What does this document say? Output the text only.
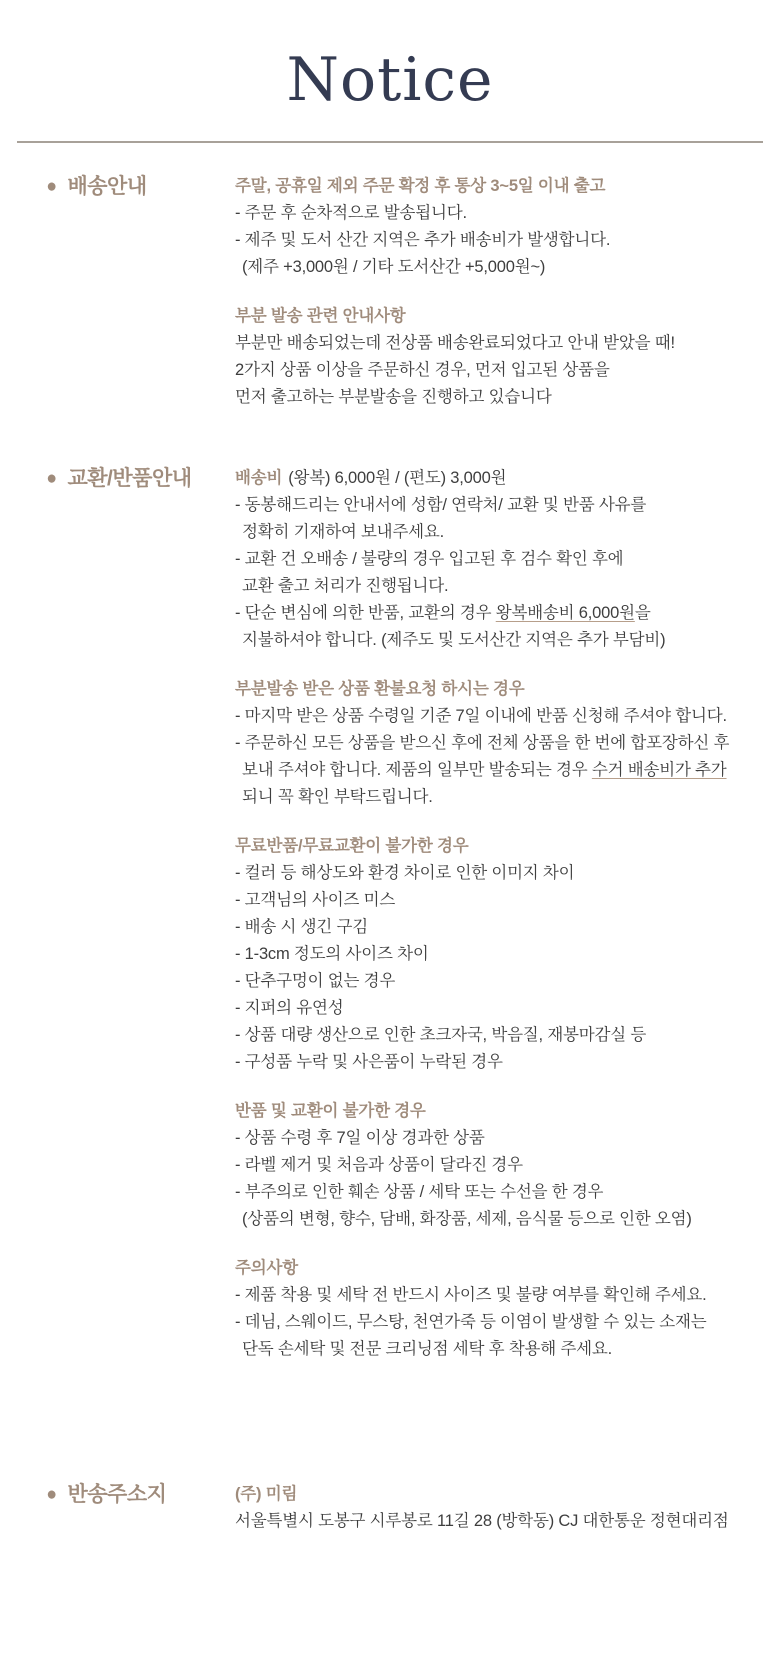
Notice
● 배송안내	주말, 공휴일 제외 주문 확정 후 통상 3~5일 이내 출고
- 주문 후 순차적으로 발송됩니다.
- 제주 및 도서 산간 지역은 추가 배송비가 발생합니다.
(제주 +3,000원 / 기타 도서산간 +5,000원~)
부분 발송 관련 안내사항
부분만 배송되었는데 전상품 배송완료되었다고 안내 받았을 때!
2가지 상품 이상을 주문하신 경우, 먼저 입고된 상품을
먼저 출고하는 부분발송을 진행하고 있습니다
● 교환/반품안내	배송비 (왕복) 6,000원 / (편도) 3,000원
- 동봉해드리는 안내서에 성함/ 연락처/ 교환 및 반품 사유를
정확히 기재하여 보내주세요.
- 교환 건 오배송 / 불량의 경우 입고된 후 검수 확인 후에
교환 출고 처리가 진행됩니다.
- 단순 변심에 의한 반품, 교환의 경우 왕복배송비 6,000원을
지불하셔야 합니다. (제주도 및 도서산간 지역은 추가 부담비)
부분발송 받은 상품 환불요청 하시는 경우
- 마지막 받은 상품 수령일 기준 7일 이내에 반품 신청해 주셔야 합니다.
- 주문하신 모든 상품을 받으신 후에 전체 상품을 한 번에 합포장하신 후
보내 주셔야 합니다. 제품의 일부만 발송되는 경우 수거 배송비가 추가
되니 꼭 확인 부탁드립니다.
무료반품/무료교환이 불가한 경우
- 컬러 등 해상도와 환경 차이로 인한 이미지 차이
- 고객님의 사이즈 미스
- 배송 시 생긴 구김
- 1-3cm 정도의 사이즈 차이
- 단추구멍이 없는 경우
- 지퍼의 유연성
- 상품 대량 생산으로 인한 초크자국, 박음질, 재봉마감실 등
- 구성품 누락 및 사은품이 누락된 경우
반품 및 교환이 불가한 경우
- 상품 수령 후 7일 이상 경과한 상품
- 라벨 제거 및 처음과 상품이 달라진 경우
- 부주의로 인한 훼손 상품 / 세탁 또는 수선을 한 경우
(상품의 변형, 향수, 담배, 화장품, 세제, 음식물 등으로 인한 오염)
주의사항
- 제품 착용 및 세탁 전 반드시 사이즈 및 불량 여부를 확인해 주세요.
- 데님, 스웨이드, 무스탕, 천연가죽 등 이염이 발생할 수 있는 소재는
단독 손세탁 및 전문 크리닝점 세탁 후 착용해 주세요.
● 반송주소지	(주) 미림
서울특별시 도봉구 시루봉로 11길 28 (방학동) CJ 대한통운 정현대리점
